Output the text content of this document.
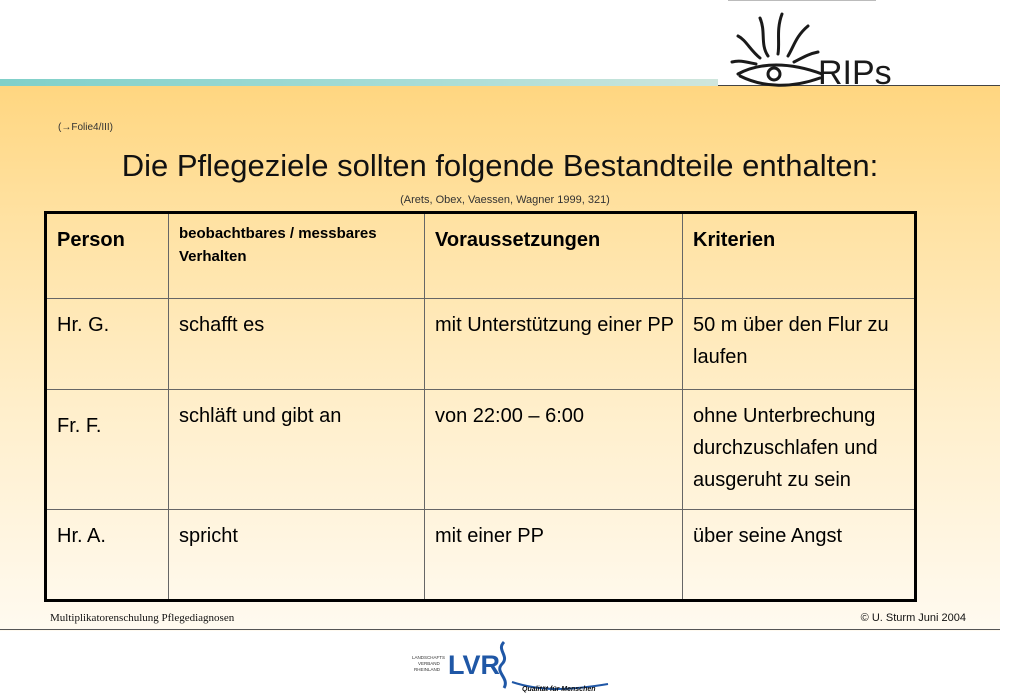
RIPs
(→Folie4/III)
Die Pflegeziele sollten folgende Bestandteile enthalten:
(Arets, Obex, Vaessen, Wagner 1999, 321)
Person	beobachtbares / messbares Verhalten	Voraussetzungen	Kriterien
Hr. G.	schafft es	mit Unterstützung einer PP	50 m über den Flur zu laufen
Fr. F.	schläft und gibt an	von 22:00 – 6:00	ohne Unterbrechung durchzuschlafen und ausgeruht zu sein
Hr. A.	spricht	mit einer PP	über seine Angst
Multiplikatorenschulung Pflegediagnosen	© U. Sturm Juni 2004
LANDSCHAFTS
VERBAND
RHEINLAND LVR
Qualität für Menschen
